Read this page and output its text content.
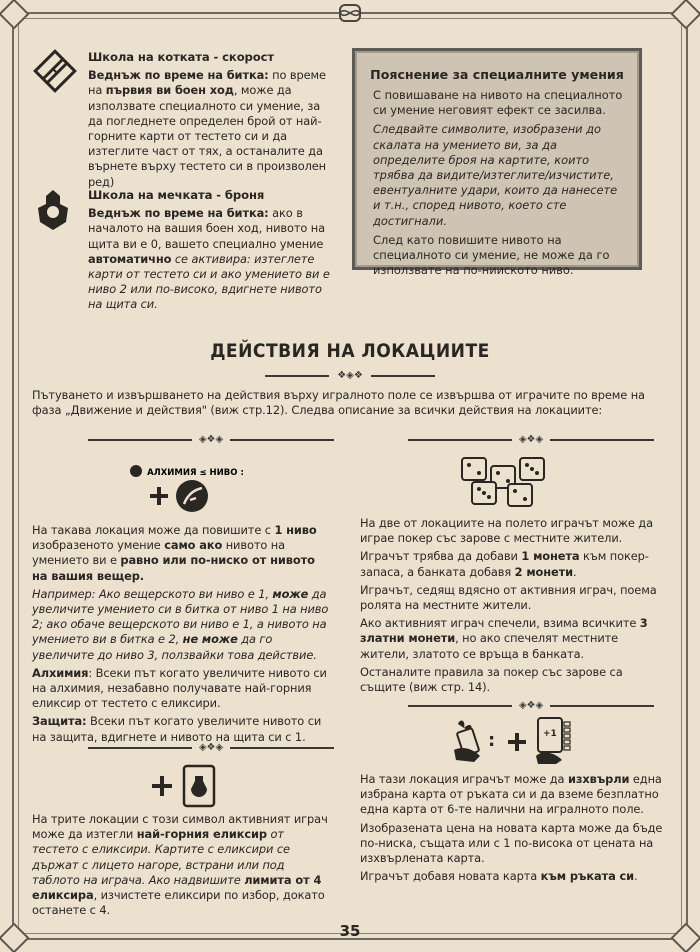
Школа на котката - скорост

Веднъж по време на битка: по време на първия ви боен ход, може да използвате специалното си умение, за да погледнете определен брой от най-горните карти от тестето си и да изтеглите част от тях, а останалите да върнете върху тестето си в произволен ред)

Школа на мечката - броня

Веднъж по време на битка: ако в началото на вашия боен ход, нивото на щита ви е 0, вашето специално умение автоматично се активира: изтеглете карти от тестето си и ако умението ви е ниво 2 или по-високо, вдигнете нивото на щита си.

Пояснение за специалните умения

С повишаване на нивото на специалното си умение неговият ефект се засилва.

Следвайте символите, изобразени до скалата на умението ви, за да определите броя на картите, които трябва да видите/изтеглите/изчистите, евентуалните удари, които да нанесете и т.н., според нивото, което сте достигнали.

След като повишите нивото на специалното си умение, не може да го използвате на по-нииското ниво.

ДЕЙСТВИЯ НА ЛОКАЦИИТЕ
❖◈❖
Пътуването и извършването на действия върху игралното поле се извършва от играчите по време на фаза „Движение и действия" (виж стр.12). Следва описание за всички действия на локациите:
◈❖◈	◈❖◈
АЛХИМИЯ ≤ НИВО :

На такава локация може да повишите с 1 ниво изобразеното умение само ако нивото на умението ви е равно или по-ниско от нивото на вашия вещер.

Например: Ако вещерското ви ниво е 1, може да увеличите умението си в битка от ниво 1 на ниво 2; ако обаче вещерското ви ниво е 1, а нивото на умението ви в битка е 2, не може да го увеличите до ниво 3, ползвайки това действие.

Алхимия: Всеки път когато увеличите нивото си на алхимия, незабавно получавате най-горния еликсир от тестето с еликсири.

Защита: Всеки път когато увеличите нивото си на защита, вдигнете и нивото на щита си с 1.

◈❖◈

На трите локации с този символ активният играч може да изтегли най-горния еликсир от тестето с еликсири. Картите с еликсири се държат с лицето нагоре, встрани или под таблото на играча. Ако надвишите лимита от 4 еликсира, изчистете еликсири по избор, докато останете с 4.

На две от локациите на полето играчът може да играе покер със зарове с местните жители.

Играчът трябва да добави 1 монета към покер-запаса, а банката добавя 2 монети.

Играчът, седящ вдясно от активния играч, поема ролята на местните жители.

Ако активният играч спечели, взима всичките 3 златни монети, но ако спечелят местните жители, златото се връща в банката.

Останалите правила за покер със зарове са същите (виж стр. 14).

◈❖◈
:	+1

На тази локация играчът може да изхвърли една избрана карта от ръката си и да вземе безплатно една карта от 6-те налични на игралното поле.

Изобразената цена на новата карта може да бъде по-ниска, същата или с 1 по-висока от цената на изхвърлената карта.

Играчът добавя новата карта към ръката си.

35
